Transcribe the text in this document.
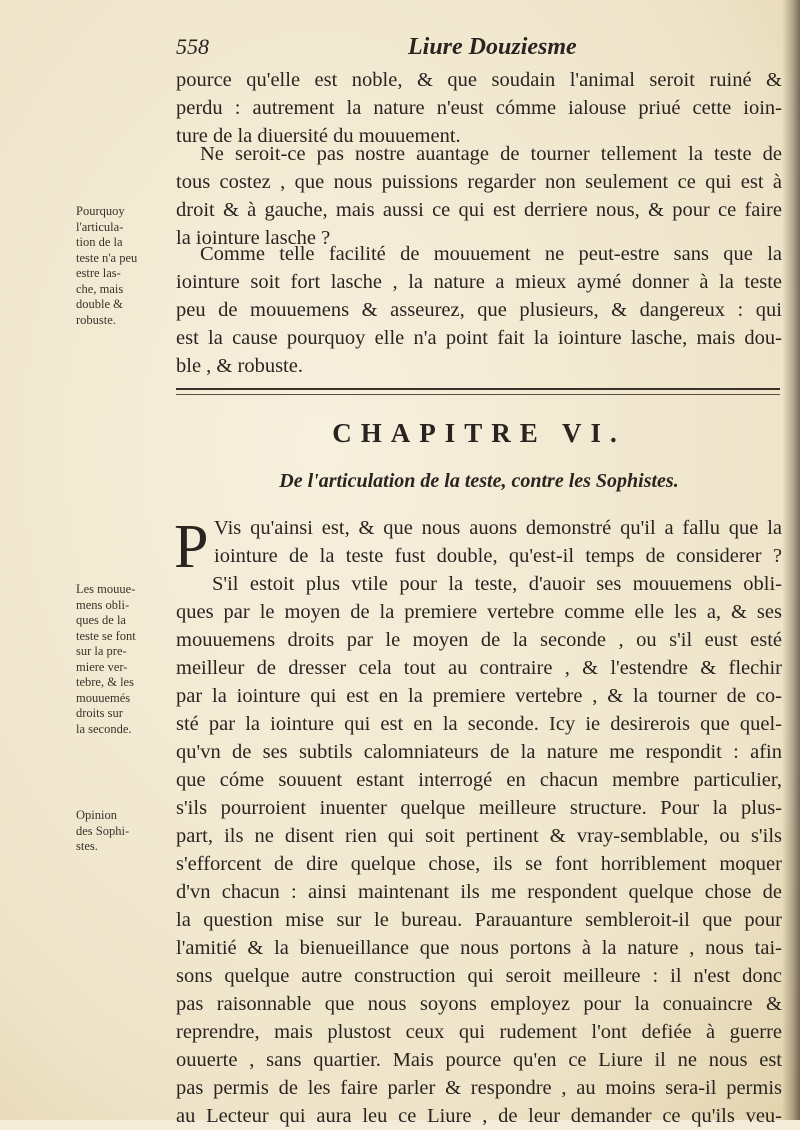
558	Liure Douziesme
pource qu'elle est noble, & que soudain l'animal seroit ruiné &
perdu : autrement la nature n'eust cómme ialouse priué cette ioin-
ture de la diuersité du mouuement.
Ne seroit-ce pas nostre auantage de tourner tellement la teste de
tous costez , que nous puissions regarder non seulement ce qui est à
droit & à gauche, mais aussi ce qui est derriere nous, & pour ce faire
la iointure lasche ?
Comme telle facilité de mouuement ne peut-estre sans que la
iointure soit fort lasche , la nature a mieux aymé donner à la teste
peu de mouuemens & asseurez, que plusieurs, & dangereux : qui
est la cause pourquoy elle n'a point fait la iointure lasche, mais dou-
ble , & robuste.
Pourquoy
l'articula-
tion de la
teste n'a peu
estre las-
che, mais
double &
robuste.
CHAPITRE VI.
De l'articulation de la teste, contre les Sophistes.
P Vis qu'ainsi est, & que nous auons demonstré qu'il a fallu que la
iointure de la teste fust double, qu'est-il temps de considerer ?
S'il estoit plus vtile pour la teste, d'auoir ses mouuemens obli-
ques par le moyen de la premiere vertebre comme elle les a, & ses
mouuemens droits par le moyen de la seconde , ou s'il eust esté
meilleur de dresser cela tout au contraire , & l'estendre & flechir
par la iointure qui est en la premiere vertebre , & la tourner de co-
sté par la iointure qui est en la seconde. Icy ie desirerois que quel-
qu'vn de ses subtils calomniateurs de la nature me respondit : afin
que cóme souuent estant interrogé en chacun membre particulier,
s'ils pourroient inuenter quelque meilleure structure. Pour la plus-
part, ils ne disent rien qui soit pertinent & vray-semblable, ou s'ils
s'efforcent de dire quelque chose, ils se font horriblement moquer
d'vn chacun : ainsi maintenant ils me respondent quelque chose de
la question mise sur le bureau. Parauanture sembleroit-il que pour
l'amitié & la bienueillance que nous portons à la nature , nous tai-
sons quelque autre construction qui seroit meilleure : il n'est donc
pas raisonnable que nous soyons employez pour la conuaincre &
reprendre, mais plustost ceux qui rudement l'ont defiée à guerre
ouuerte , sans quartier. Mais pource qu'en ce Liure il ne nous est
pas permis de les faire parler & respondre , au moins sera-il permis
au Lecteur qui aura leu ce Liure , de leur demander ce qu'ils veu-
Les mouue-
mens obli-
ques de la
teste se font
sur la pre-
miere ver-
tebre, & les
mouuemés
droits sur
la seconde.
Opinion
des Sophi-
stes.
